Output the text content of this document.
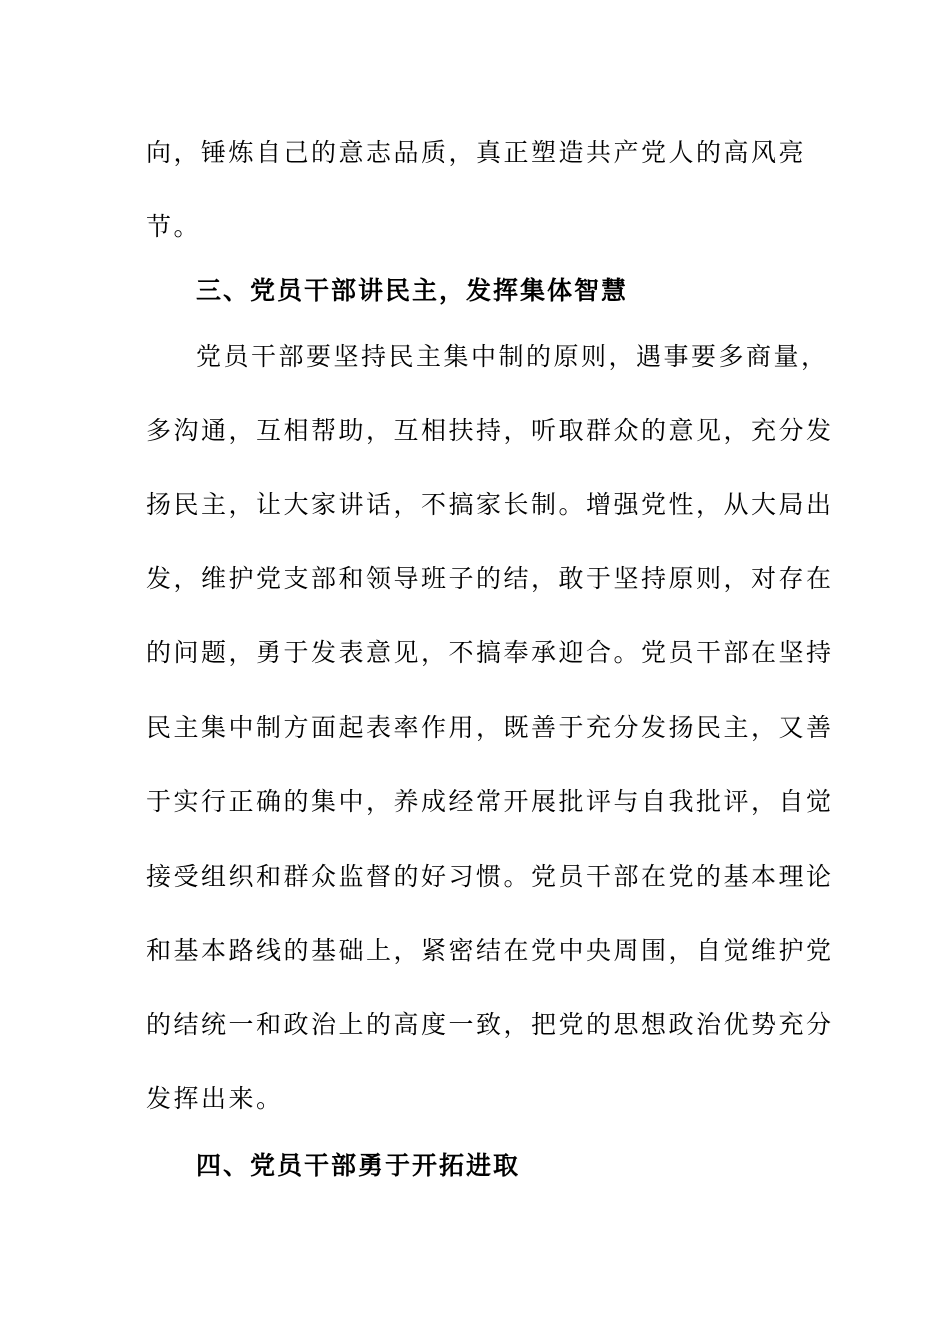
向，锤炼自己的意志品质，真正塑造共产党人的高风亮
节。
三、党员干部讲民主，发挥集体智慧
党员干部要坚持民主集中制的原则，遇事要多商量，
多沟通，互相帮助，互相扶持，听取群众的意见，充分发
扬民主，让大家讲话，不搞家长制。增强党性，从大局出
发，维护党支部和领导班子的结，敢于坚持原则，对存在
的问题，勇于发表意见，不搞奉承迎合。党员干部在坚持
民主集中制方面起表率作用，既善于充分发扬民主，又善
于实行正确的集中，养成经常开展批评与自我批评，自觉
接受组织和群众监督的好习惯。党员干部在党的基本理论
和基本路线的基础上，紧密结在党中央周围，自觉维护党
的结统一和政治上的高度一致，把党的思想政治优势充分
发挥出来。
四、党员干部勇于开拓进取
